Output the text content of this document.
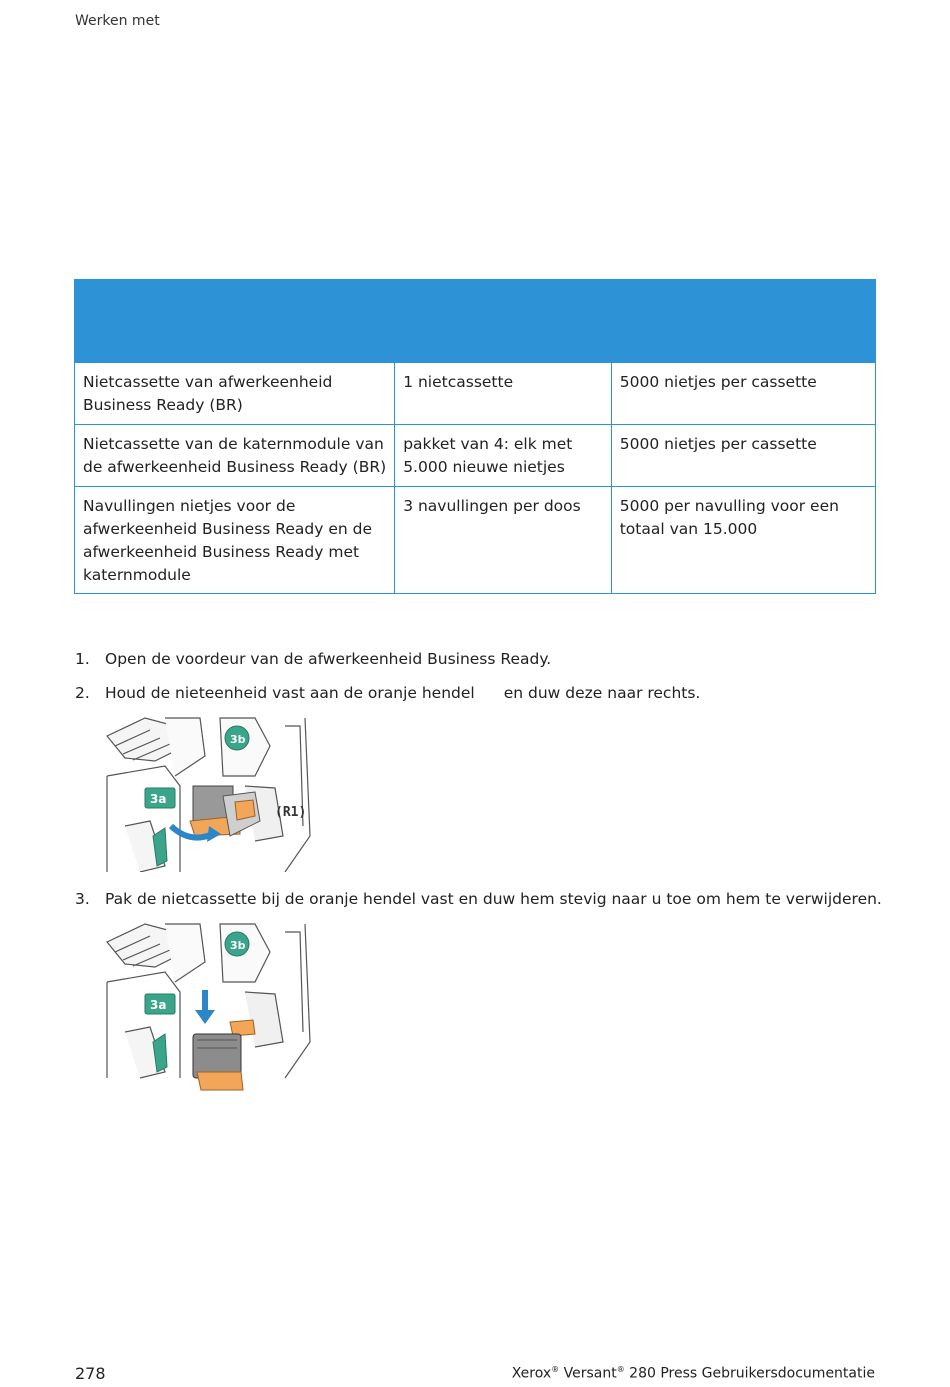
Werken met

Nietcassette van afwerkeenheid Business Ready (BR)	1 nietcassette	5000 nietjes per cassette
Nietcassette van de katernmodule van de afwerkeenheid Business Ready (BR)	pakket van 4: elk met 5.000 nieuwe nietjes	5000 nietjes per cassette
Navullingen nietjes voor de afwerkeenheid Business Ready en de afwerkeenheid Business Ready met katernmodule	3 navullingen per doos	5000 per navulling voor een totaal van 15.000
1. Open de voordeur van de afwerkeenheid Business Ready.
2. Houd de nieteenheid vast aan de oranje hendel en duw deze naar rechts.
3b
3a
(R1)
3. Pak de nietcassette bij de oranje hendel vast en duw hem stevig naar u toe om hem te verwijderen.
3b
3a
278	Xerox® Versant® 280 Press Gebruikersdocumentatie
